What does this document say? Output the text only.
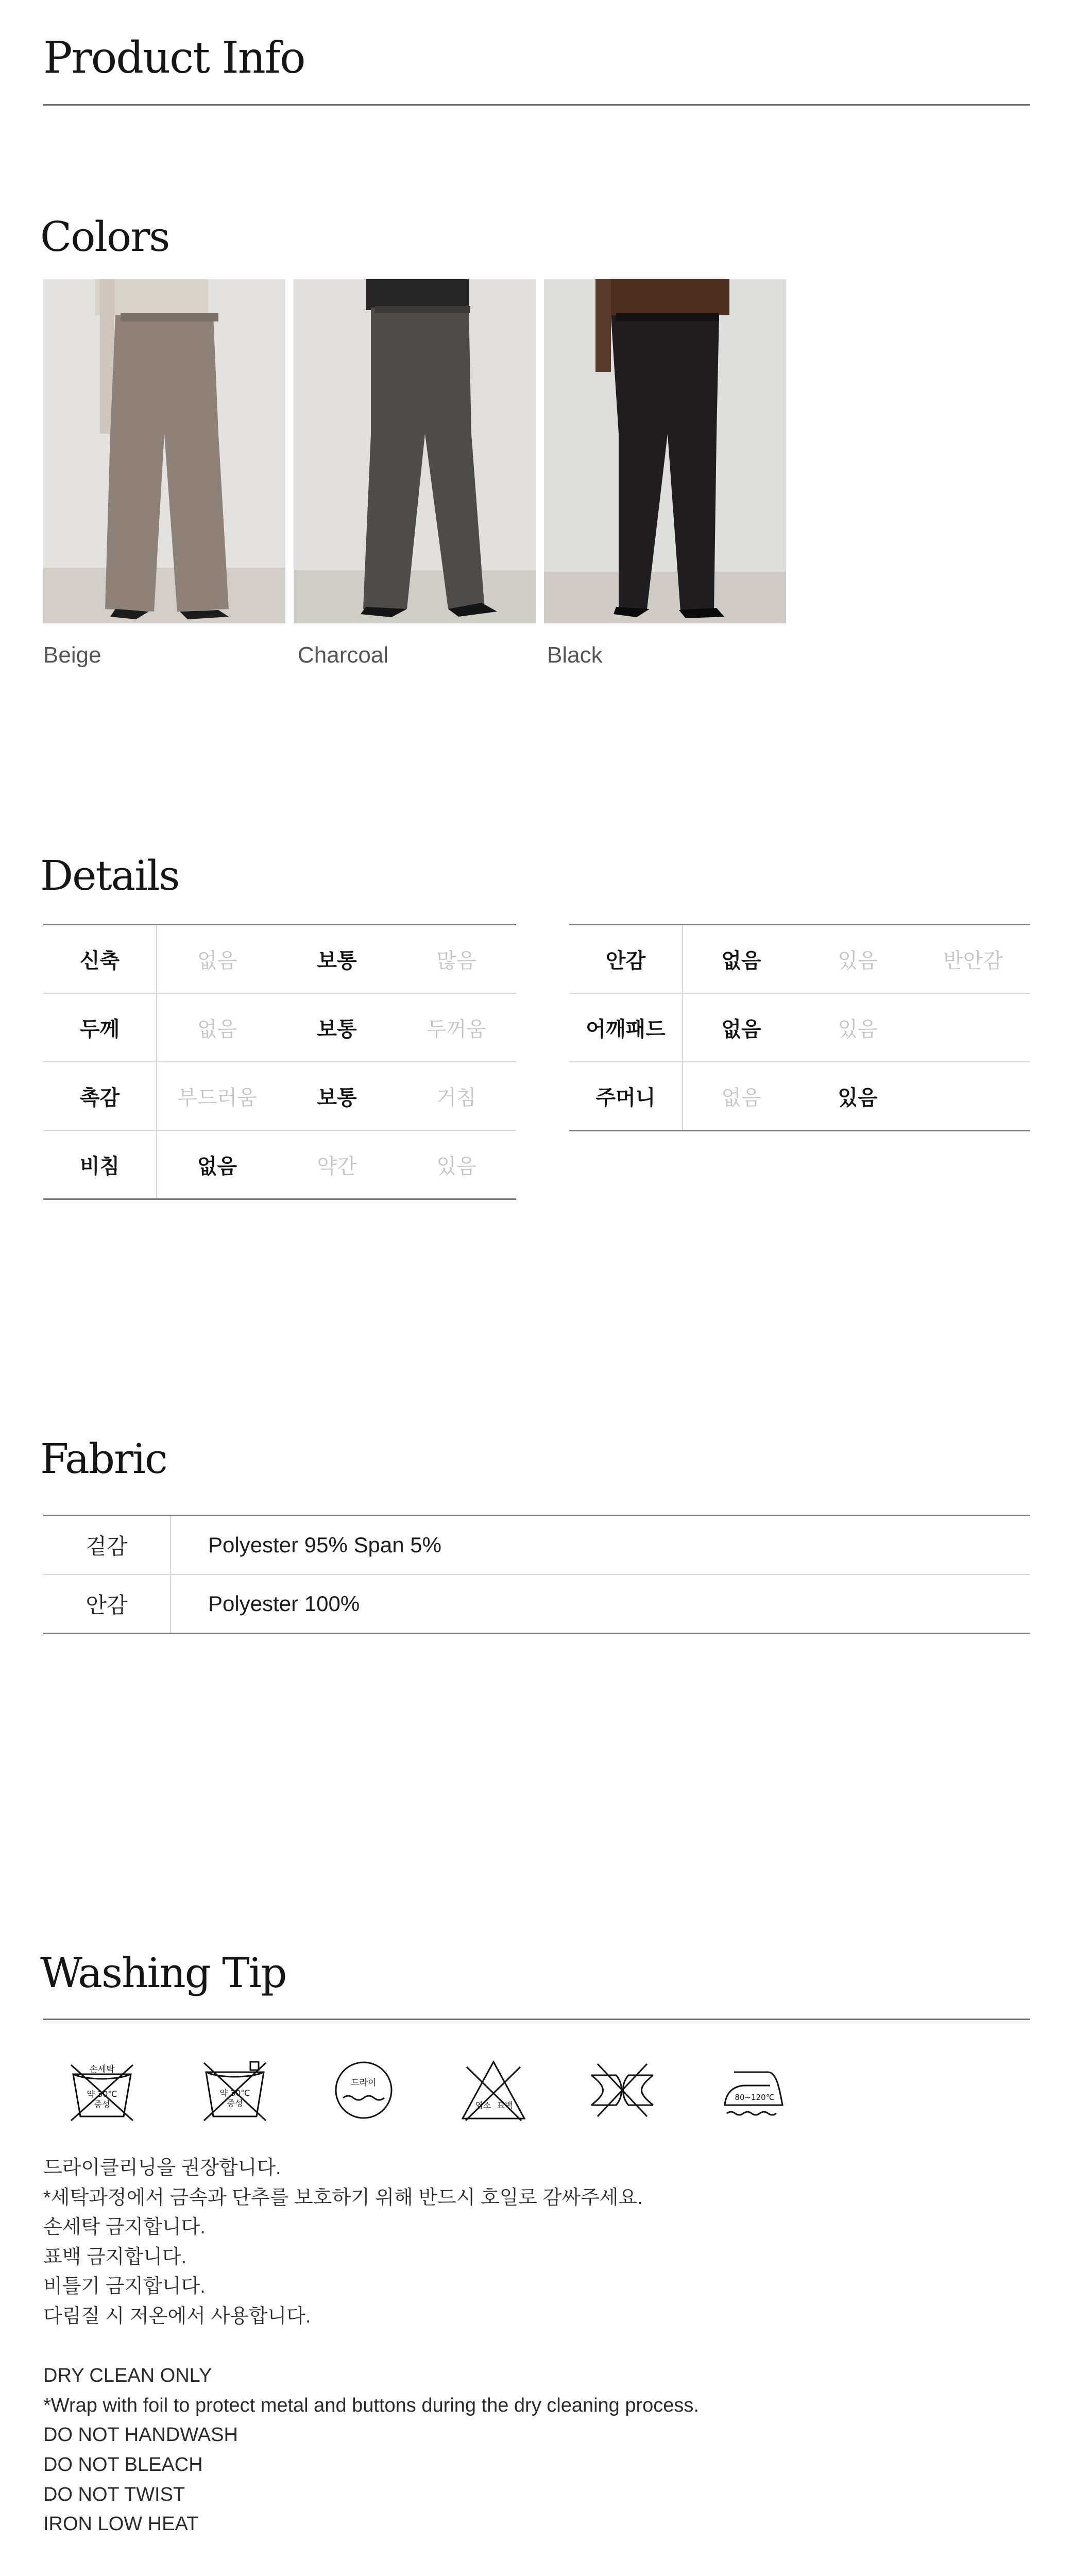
Product Info
Colors
Beige	Charcoal	Black
Details
신축	없음	보통	많음
두께	없음	보통	두꺼움
촉감	부드러움	보통	거침
비침	없음	약간	있음
안감	없음	있음	반안감
어깨패드	없음	있음	
주머니	없음	있음	
Fabric
겉감	Polyester 95% Span 5%
안감	Polyester 100%
Washing Tip
손세탁
약 30℃
중성
약 30℃
중성
드라이
염소 표백
80~120℃
드라이클리닝을 권장합니다.
*세탁과정에서 금속과 단추를 보호하기 위해 반드시 호일로 감싸주세요.
손세탁 금지합니다.
표백 금지합니다.
비틀기 금지합니다.
다림질 시 저온에서 사용합니다.
DRY CLEAN ONLY
*Wrap with foil to protect metal and buttons during the dry cleaning process.
DO NOT HANDWASH
DO NOT BLEACH
DO NOT TWIST
IRON LOW HEAT
